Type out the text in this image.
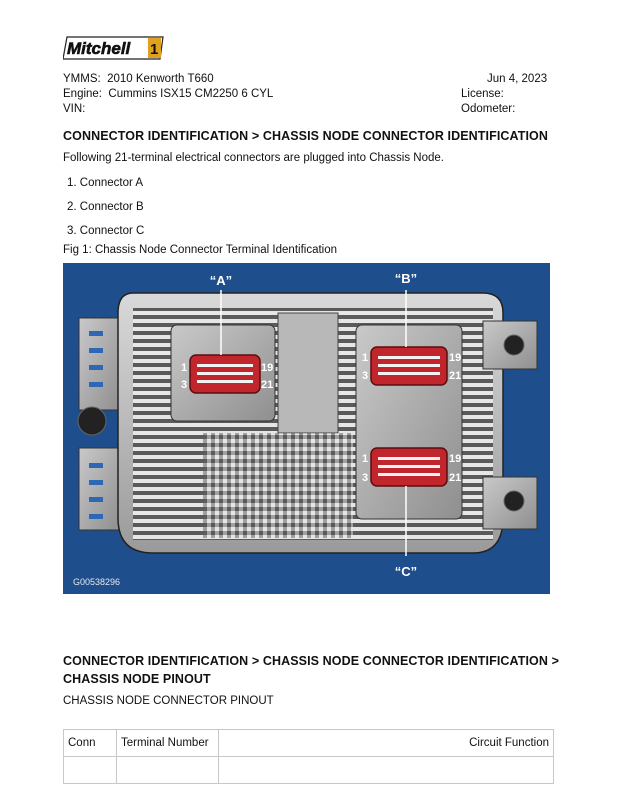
Mitchell 1
YMMS: 2010 Kenworth T660	Jun 4, 2023
Engine: Cummins ISX15 CM2250 6 CYL	License:
VIN:	Odometer:
CONNECTOR IDENTIFICATION > CHASSIS NODE CONNECTOR IDENTIFICATION
Following 21-terminal electrical connectors are plugged into Chassis Node.
1. Connector A
2. Connector B
3. Connector C
Fig 1: Chassis Node Connector Terminal Identification
“A”	“B”
“C”
1
3
19
21
1
3
19
21
1
3
19
21
G00538296
CONNECTOR IDENTIFICATION > CHASSIS NODE CONNECTOR IDENTIFICATION >
CHASSIS NODE PINOUT
CHASSIS NODE CONNECTOR PINOUT
Conn	Terminal Number	Circuit Function
